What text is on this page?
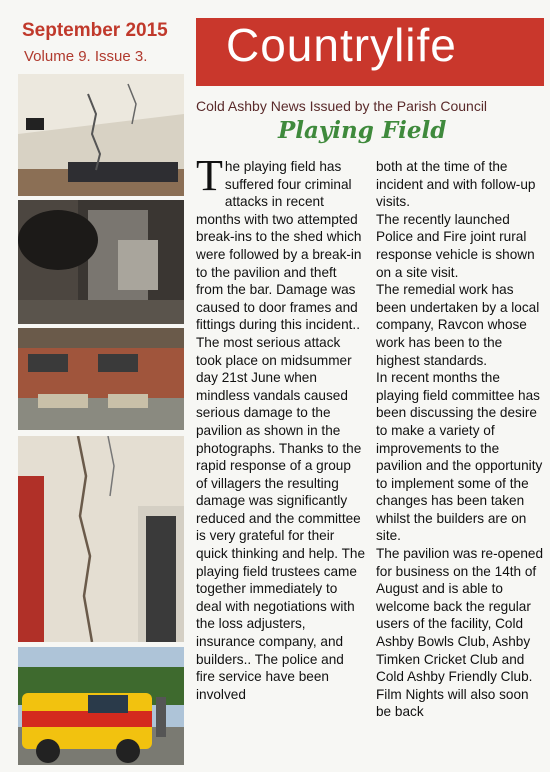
September 2015
Volume 9. Issue 3. Countrylife
Cold Ashby News Issued by the Parish Council
Playing Field

The playing field has suffered four criminal attacks in recent months with two attempted break-ins to the shed which were followed by a break-in to the pavilion and theft from the bar. Damage was caused to door frames and fittings during this incident.. The most serious attack took place on midsummer day 21st June when mindless vandals caused serious damage to the pavilion as shown in the photographs. Thanks to the rapid response of a group of villagers the resulting damage was significantly reduced and the committee is very grateful for their quick thinking and help. The playing field trustees came together immediately to deal with negotiations with the loss adjusters, insurance company, and builders.. The police and fire service have been involved

both at the time of the incident and with follow-up visits.

The recently launched Police and Fire joint rural response vehicle is shown on a site visit.

The remedial work has been undertaken by a local company, Ravcon whose work has been to the highest standards.

In recent months the playing field committee has been discussing the desire to make a variety of improvements to the pavilion and the opportunity to implement some of the changes has been taken whilst the builders are on site.

The pavilion was re-opened for business on the 14th of August and is able to welcome back the regular users of the facility, Cold Ashby Bowls Club, Ashby Timken Cricket Club and Cold Ashby Friendly Club. Film Nights will also soon be back
